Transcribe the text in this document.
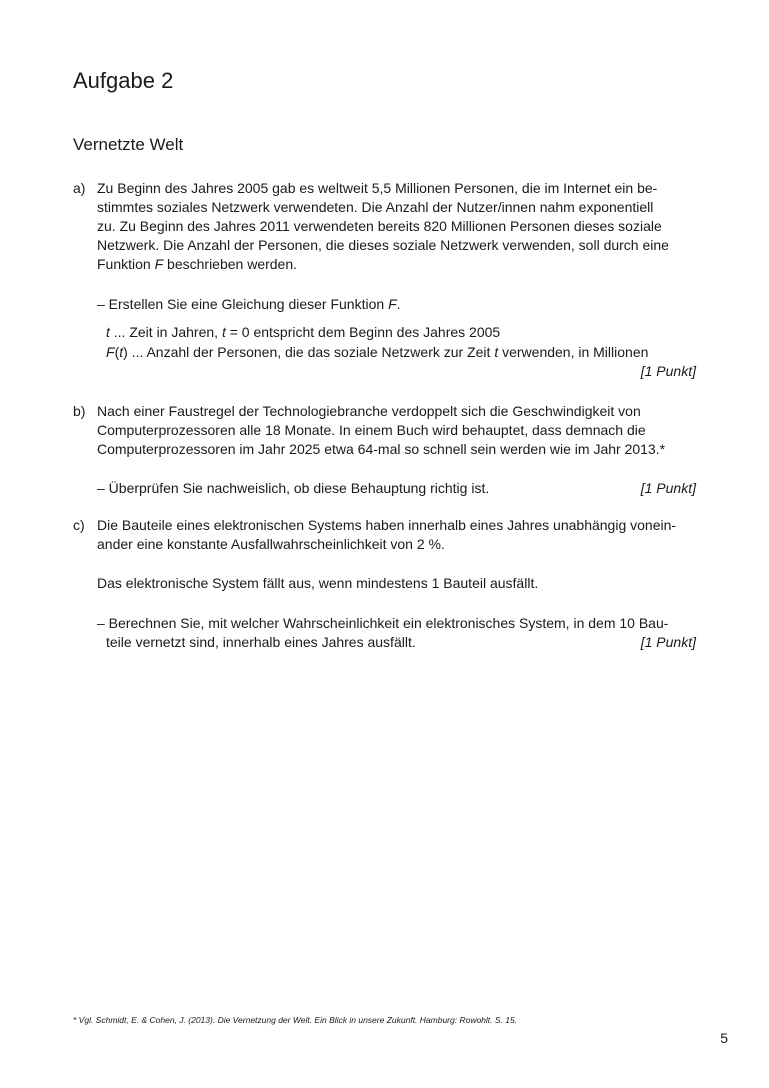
Aufgabe 2
Vernetzte Welt
a) Zu Beginn des Jahres 2005 gab es weltweit 5,5 Millionen Personen, die im Internet ein be-
stimmtes soziales Netzwerk verwendeten. Die Anzahl der Nutzer/innen nahm exponentiell
zu. Zu Beginn des Jahres 2011 verwendeten bereits 820 Millionen Personen dieses soziale
Netzwerk. Die Anzahl der Personen, die dieses soziale Netzwerk verwenden, soll durch eine
Funktion F beschrieben werden.
– Erstellen Sie eine Gleichung dieser Funktion F.
t ... Zeit in Jahren, t = 0 entspricht dem Beginn des Jahres 2005
F(t) ... Anzahl der Personen, die das soziale Netzwerk zur Zeit t verwenden, in Millionen
[1 Punkt]
b) Nach einer Faustregel der Technologiebranche verdoppelt sich die Geschwindigkeit von
Computerprozessoren alle 18 Monate. In einem Buch wird behauptet, dass demnach die
Computerprozessoren im Jahr 2025 etwa 64-mal so schnell sein werden wie im Jahr 2013.*
– Überprüfen Sie nachweislich, ob diese Behauptung richtig ist.	[1 Punkt]
c) Die Bauteile eines elektronischen Systems haben innerhalb eines Jahres unabhängig vonein-
ander eine konstante Ausfallwahrscheinlichkeit von 2 %.
Das elektronische System fällt aus, wenn mindestens 1 Bauteil ausfällt.
– Berechnen Sie, mit welcher Wahrscheinlichkeit ein elektronisches System, in dem 10 Bau-
teile vernetzt sind, innerhalb eines Jahres ausfällt.	[1 Punkt]
* Vgl. Schmidt, E. & Cohen, J. (2013). Die Vernetzung der Welt. Ein Blick in unsere Zukunft. Hamburg: Rowohlt. S. 15.
5
